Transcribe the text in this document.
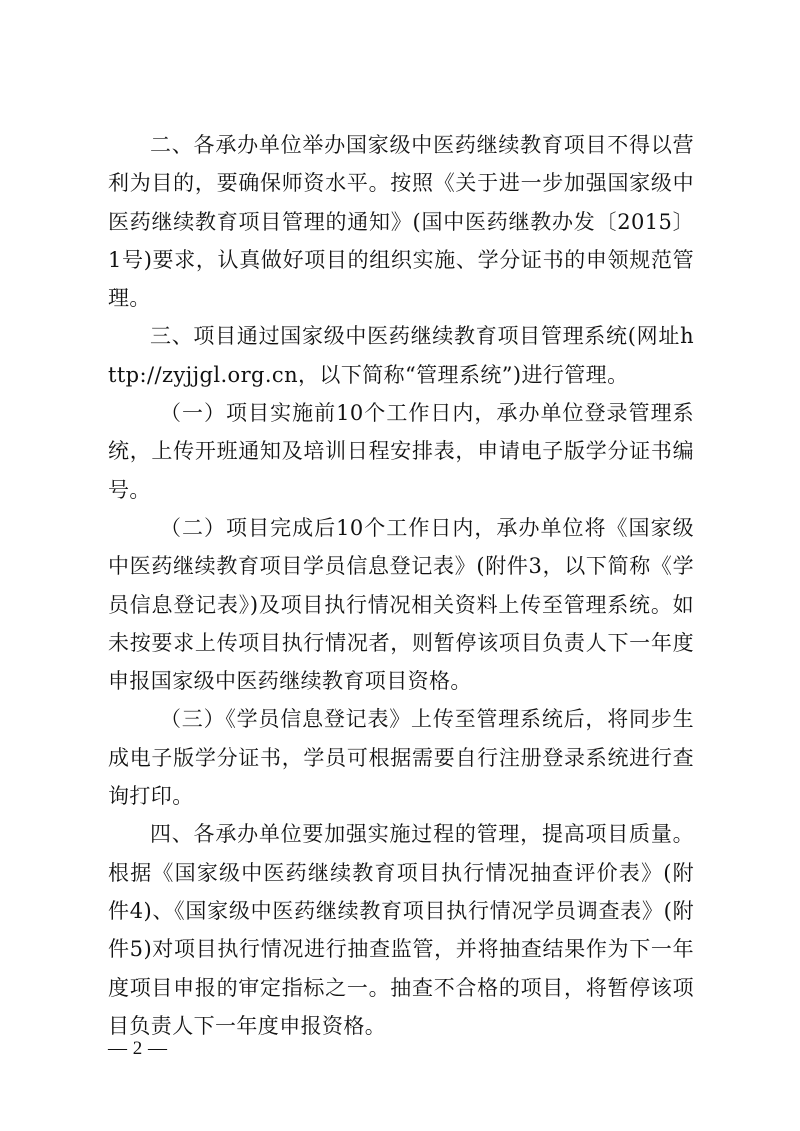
二、各承办单位举办国家级中医药继续教育项目不得以营利为目的，要确保师资水平。按照《关于进一步加强国家级中医药继续教育项目管理的通知》(国中医药继教办发〔2015〕1号)要求，认真做好项目的组织实施、学分证书的申领规范管理。

三、项目通过国家级中医药继续教育项目管理系统(网址http://zyjjgl.org.cn，以下简称“管理系统”)进行管理。

（一）项目实施前10个工作日内，承办单位登录管理系统，上传开班通知及培训日程安排表，申请电子版学分证书编号。

（二）项目完成后10个工作日内，承办单位将《国家级中医药继续教育项目学员信息登记表》(附件3，以下简称《学员信息登记表》)及项目执行情况相关资料上传至管理系统。如未按要求上传项目执行情况者，则暂停该项目负责人下一年度申报国家级中医药继续教育项目资格。

（三）《学员信息登记表》上传至管理系统后，将同步生成电子版学分证书，学员可根据需要自行注册登录系统进行查询打印。

四、各承办单位要加强实施过程的管理，提高项目质量。根据《国家级中医药继续教育项目执行情况抽查评价表》(附件4)、《国家级中医药继续教育项目执行情况学员调查表》(附件5)对项目执行情况进行抽查监管，并将抽查结果作为下一年度项目申报的审定指标之一。抽查不合格的项目，将暂停该项目负责人下一年度申报资格。

— 2 —
